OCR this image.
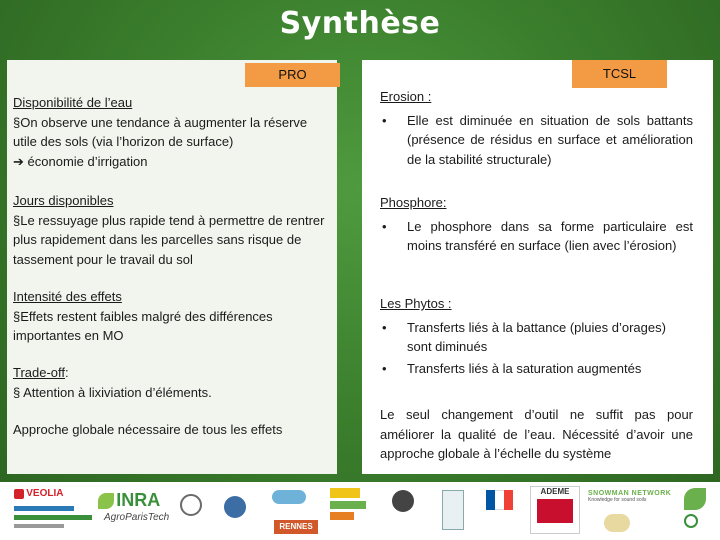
Synthèse
PRO	TCSL
Disponibilité de l’eau
§On observe une tendance à augmenter la réserve utile des sols (via l’horizon de surface)
➔ économie d’irrigation
Jours disponibles
§Le ressuyage plus rapide tend à permettre de rentrer plus rapidement dans les parcelles sans risque de tassement pour le travail du sol
Intensité des effets
§Effets restent faibles malgré des différences importantes en MO
Trade-off:
§ Attention à lixiviation d’éléments.
Approche globale nécessaire de tous les effets
Erosion :
•	Elle est diminuée en situation de sols battants (présence de résidus en surface et amélioration de la stabilité structurale)
Phosphore:
•	Le phosphore dans sa forme particulaire est moins transféré en surface (lien avec l’érosion)
Les Phytos :
•	Transferts liés à la battance (pluies d’orages) sont diminués
•	Transferts liés à la saturation augmentés
Le seul changement d’outil ne suffit pas pour améliorer la qualité de l’eau. Nécessité d’avoir une approche globale à l’échelle du système
VEOLIA	INRA
AgroParisTech
RENNES
ADEME	SNOWMAN NETWORK
Knowledge for sound soils
